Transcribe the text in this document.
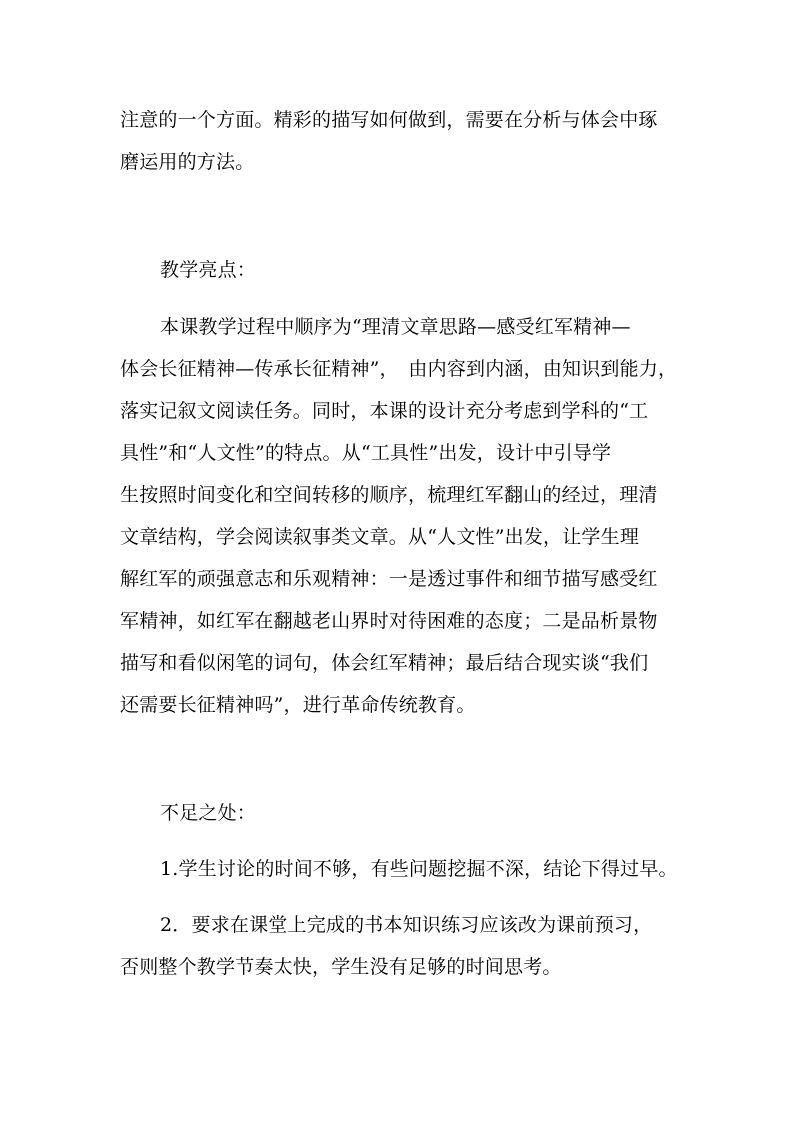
注意的一个方面。精彩的描写如何做到，需要在分析与体会中琢
磨运用的方法。
教学亮点：
本课教学过程中顺序为“理清文章思路—感受红军精神—
体会长征精神—传承长征精神”，　由内容到内涵，由知识到能力，
落实记叙文阅读任务。同时，本课的设计充分考虑到学科的“工
具性”和“人文性”的特点。从“工具性”出发，设计中引导学
生按照时间变化和空间转移的顺序，梳理红军翻山的经过，理清
文章结构，学会阅读叙事类文章。从“人文性”出发，让学生理
解红军的顽强意志和乐观精神：一是透过事件和细节描写感受红
军精神，如红军在翻越老山界时对待困难的态度；二是品析景物
描写和看似闲笔的词句，体会红军精神；最后结合现实谈“我们
还需要长征精神吗”，进行革命传统教育。
不足之处：
1.学生讨论的时间不够，有些问题挖掘不深，结论下得过早。
2．要求在课堂上完成的书本知识练习应该改为课前预习，
否则整个教学节奏太快，学生没有足够的时间思考。
